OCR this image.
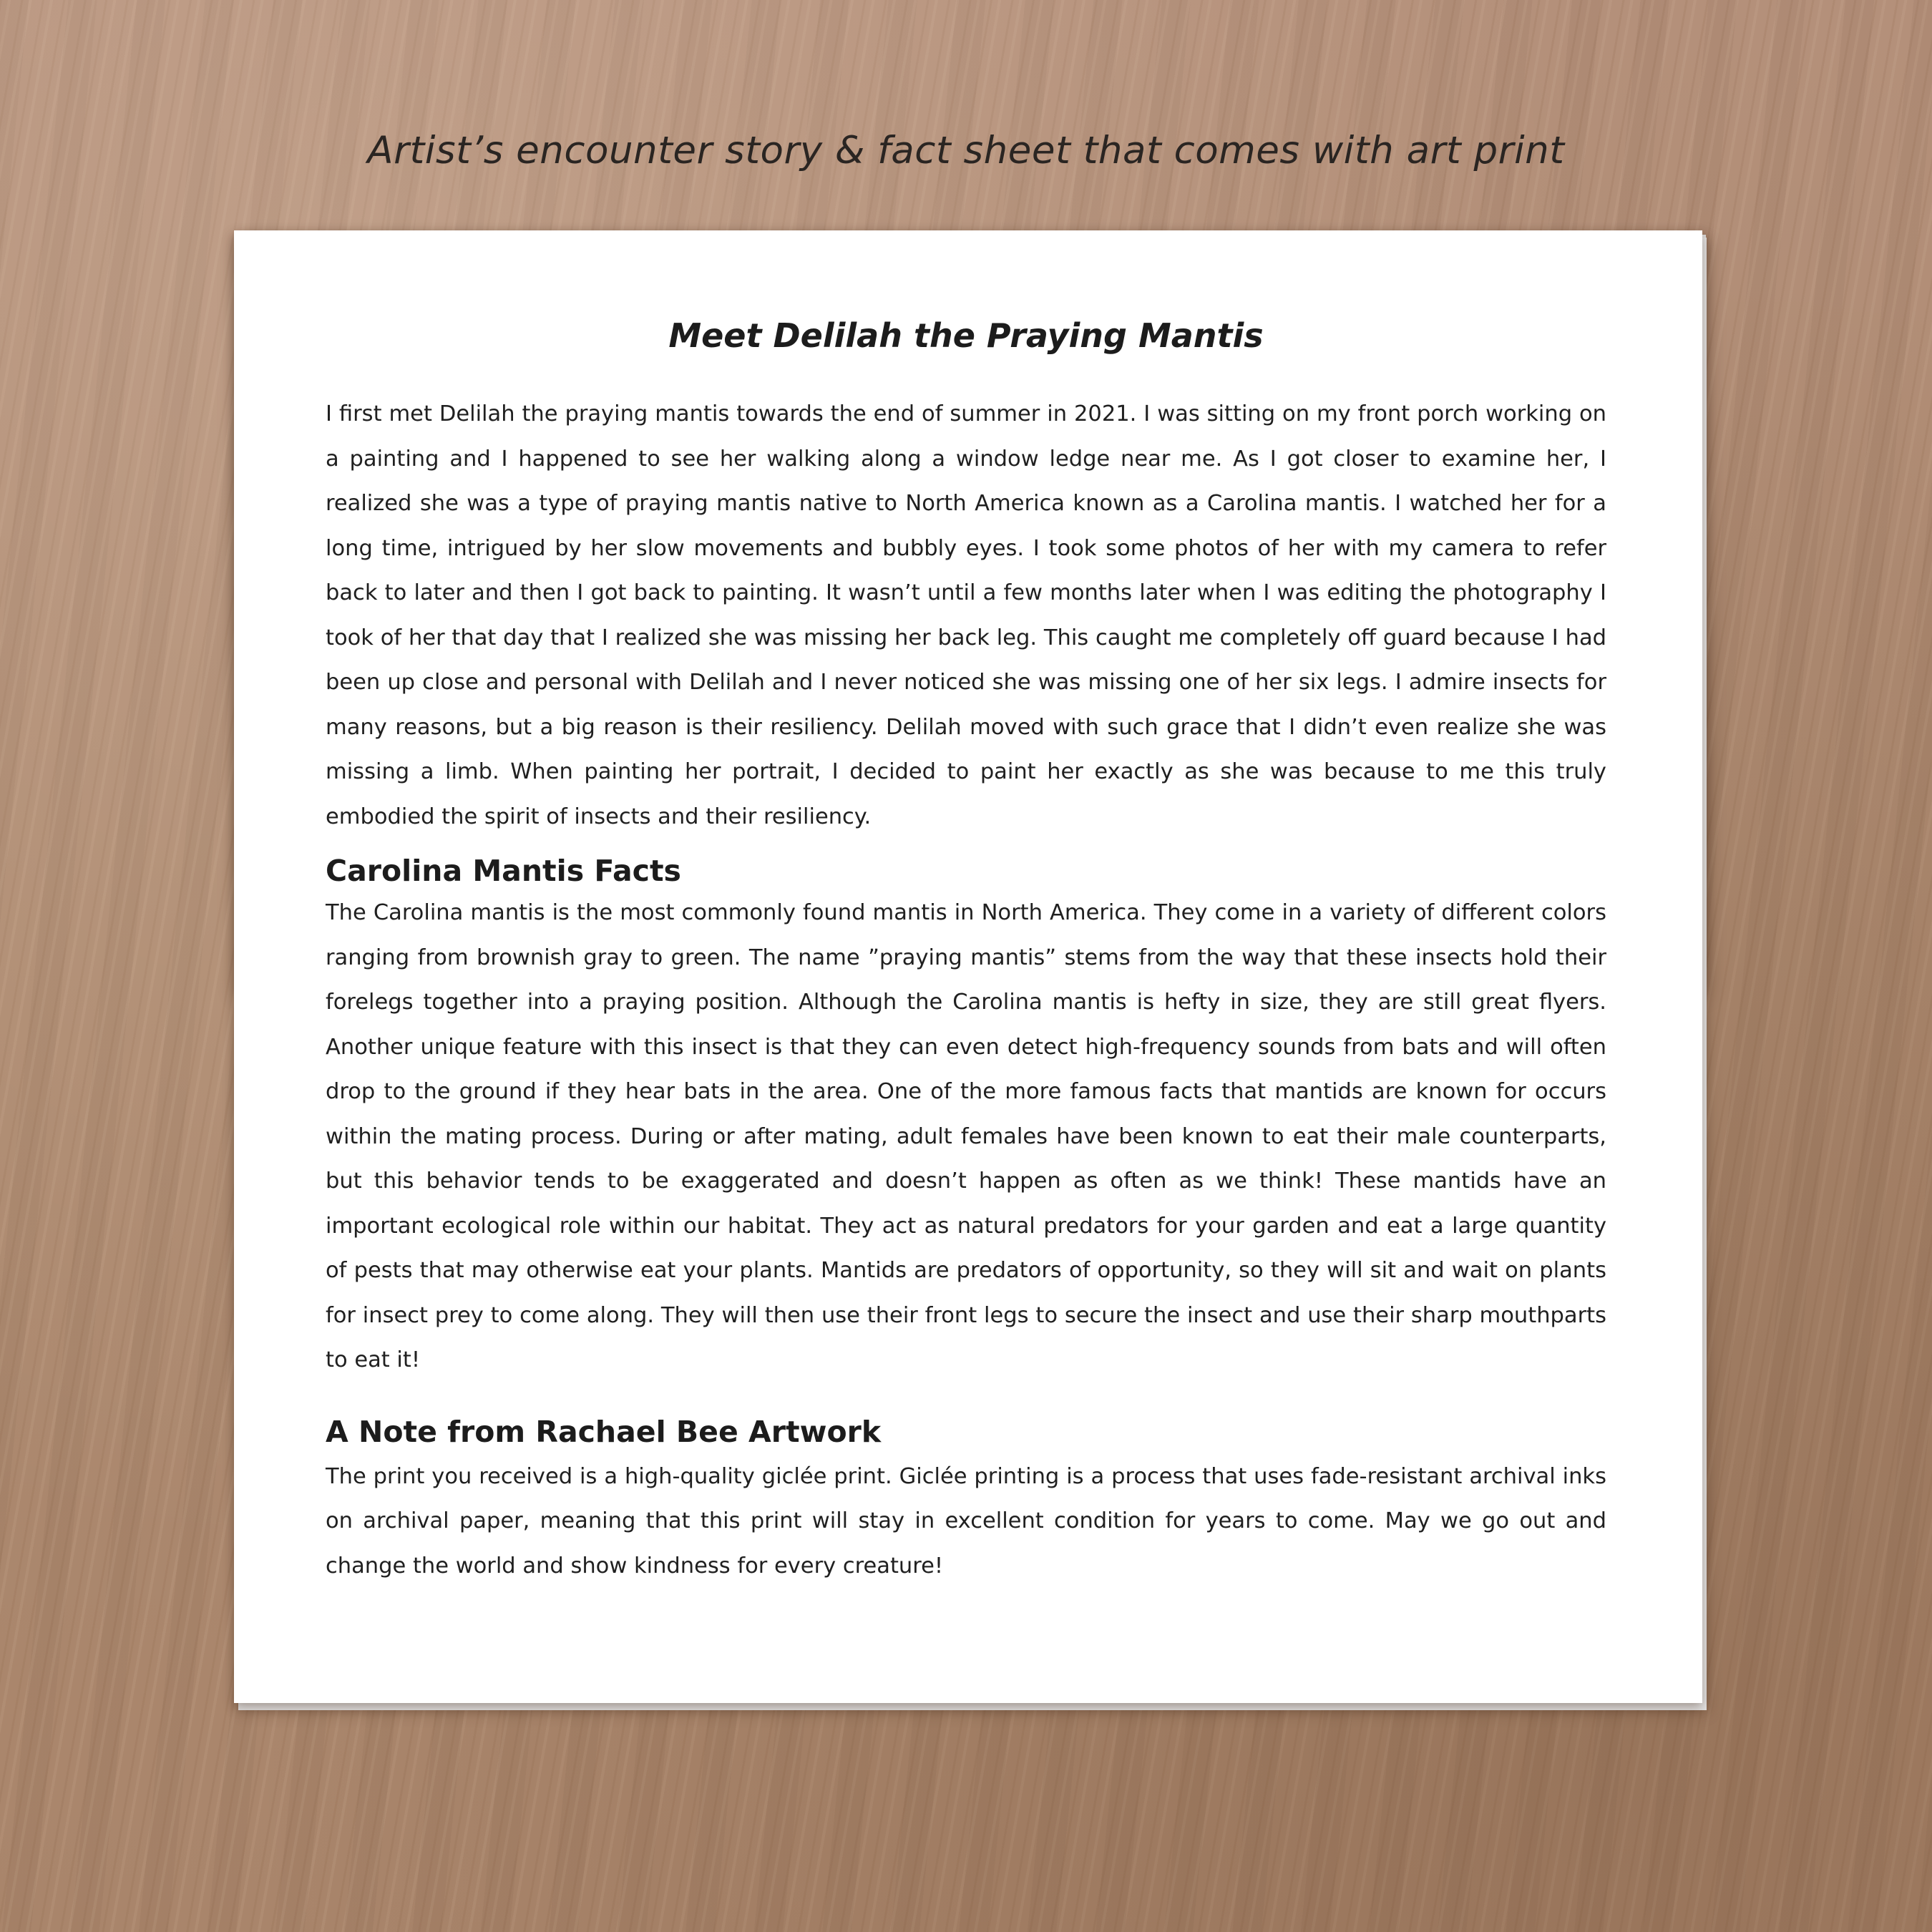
Artist’s encounter story & fact sheet that comes with art print
Meet Delilah the Praying Mantis

I first met Delilah the praying mantis towards the end of summer in 2021. I was sitting on my front porch working on a painting and I happened to see her walking along a window ledge near me. As I got closer to examine her, I realized she was a type of praying mantis native to North America known as a Carolina mantis. I watched her for a long time, intrigued by her slow movements and bubbly eyes. I took some photos of her with my camera to refer back to later and then I got back to painting. It wasn’t until a few months later when I was editing the photography I took of her that day that I realized she was missing her back leg. This caught me completely off guard because I had been up close and personal with Delilah and I never noticed she was missing one of her six legs. I admire insects for many reasons, but a big reason is their resiliency. Delilah moved with such grace that I didn’t even realize she was missing a limb. When painting her portrait, I decided to paint her exactly as she was because to me this truly embodied the spirit of insects and their resiliency.

Carolina Mantis Facts

The Carolina mantis is the most commonly found mantis in North America. They come in a variety of different colors ranging from brownish gray to green. The name ”praying mantis” stems from the way that these insects hold their forelegs together into a praying position. Although the Carolina mantis is hefty in size, they are still great flyers. Another unique feature with this insect is that they can even detect high-frequency sounds from bats and will often drop to the ground if they hear bats in the area. One of the more famous facts that mantids are known for occurs within the mating process. During or after mating, adult females have been known to eat their male counterparts, but this behavior tends to be exaggerated and doesn’t happen as often as we think! These mantids have an important ecological role within our habitat. They act as natural predators for your garden and eat a large quantity of pests that may otherwise eat your plants. Mantids are predators of opportunity, so they will sit and wait on plants for insect prey to come along. They will then use their front legs to secure the insect and use their sharp mouthparts to eat it!

A Note from Rachael Bee Artwork

The print you received is a high-quality giclée print. Giclée printing is a process that uses fade-resistant archival inks on archival paper, meaning that this print will stay in excellent condition for years to come. May we go out and change the world and show kindness for every creature!
